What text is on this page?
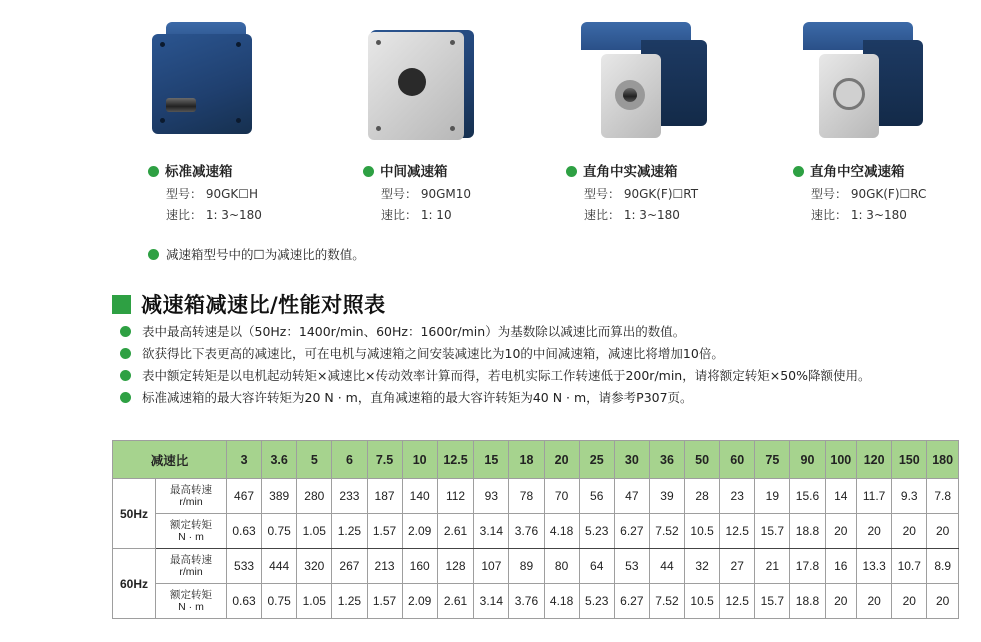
标准减速箱
型号： 90GK☐H
速比： 1: 3~180
中间减速箱
型号： 90GM10
速比： 1: 10
直角中实减速箱
型号： 90GK(F)☐RT
速比： 1: 3~180
直角中空减速箱
型号： 90GK(F)☐RC
速比： 1: 3~180
减速箱型号中的☐为减速比的数值。
减速箱减速比/性能对照表
表中最高转速是以（50Hz：1400r/min、60Hz：1600r/min）为基数除以减速比而算出的数值。
欲获得比下表更高的减速比，可在电机与减速箱之间安装减速比为10的中间减速箱，减速比将增加10倍。
表中额定转矩是以电机起动转矩×减速比×传动效率计算而得，若电机实际工作转速低于200r/min，请将额定转矩×50%降额使用。
标准减速箱的最大容许转矩为20 N · m，直角减速箱的最大容许转矩为40 N · m，请参考P307页。
减速比		3	3.6	5	6	7.5	10	12.5	15	18	20	25	30	36	50	60	75	90	100	120	150	180
50Hz	最高转速
r/min	467	389	280	233	187	140	112	93	78	70	56	47	39	28	23	19	15.6	14	11.7	9.3	7.8

	额定转矩
N · m	0.63	0.75	1.05	1.25	1.57	2.09	2.61	3.14	3.76	4.18	5.23	6.27	7.52	10.5	12.5	15.7	18.8	20	20	20	20
60Hz	最高转速
r/min	533	444	320	267	213	160	128	107	89	80	64	53	44	32	27	21	17.8	16	13.3	10.7	8.9

	额定转矩
N · m	0.63	0.75	1.05	1.25	1.57	2.09	2.61	3.14	3.76	4.18	5.23	6.27	7.52	10.5	12.5	15.7	18.8	20	20	20	20
